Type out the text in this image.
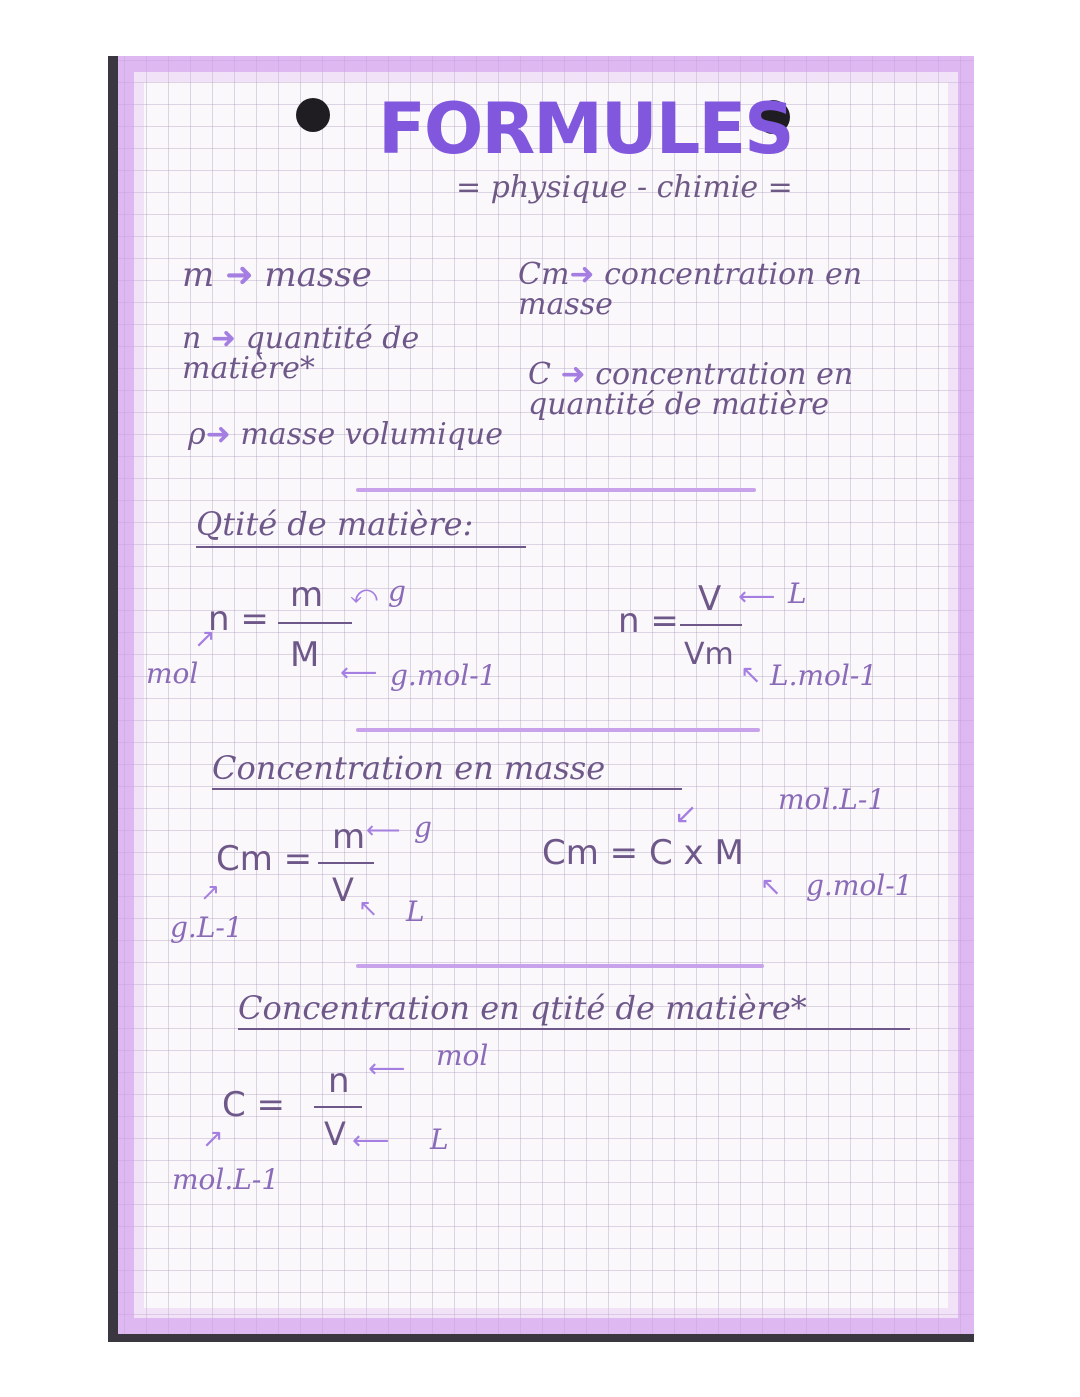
FORMULES
= physique - chimie =
m ➜ masse
n ➜ quantité de matière*
ρ➜ masse volumique
Cm➜ concentration en masse
C ➜ concentration en quantité de matière
Qtité de matière:
n =
m
M
⤺ g
⟵ g.mol-1
↗
mol
n =
V
Vm
⟵ L
↖ L.mol-1
Concentration en masse
Cm =
m
V
⟵ g
↖ L
↗
g.L-1
Cm = C x M
↙	mol.L-1
↖ g.mol-1
Concentration en qtité de matière*
C =
n
V
⟵ mol
⟵ L
↗
mol.L-1
